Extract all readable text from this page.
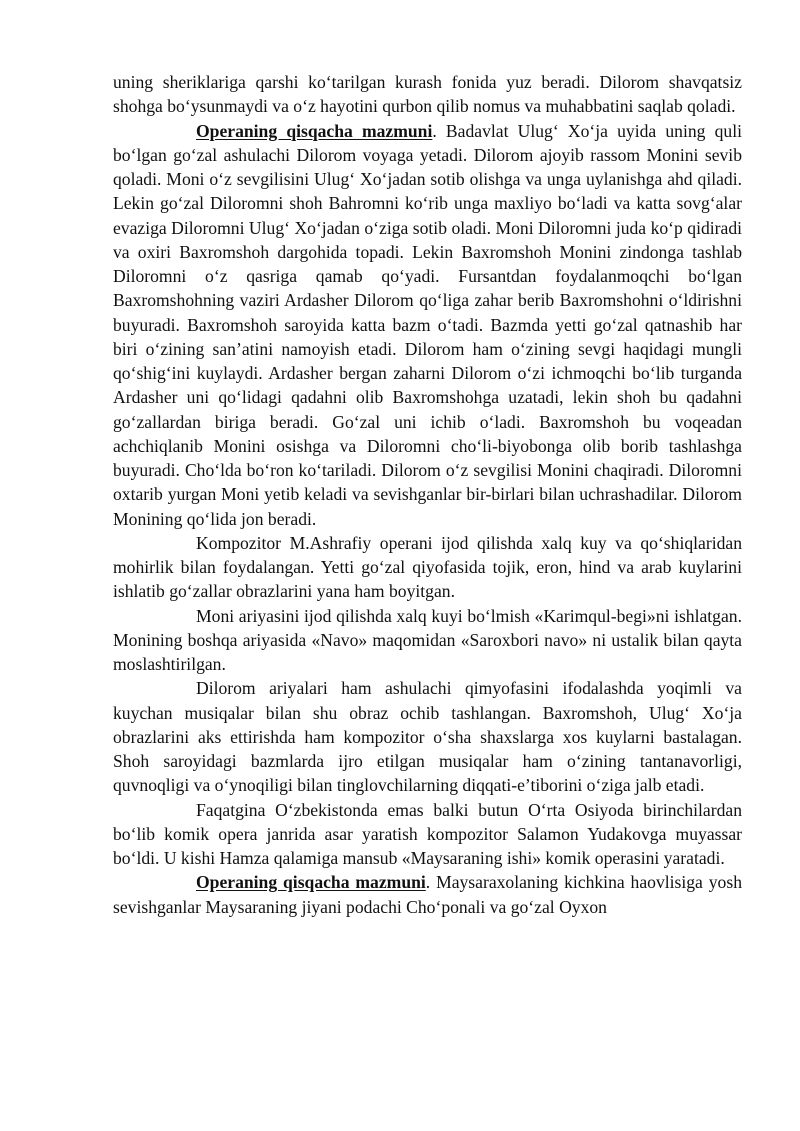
uning sheriklariga qarshi ko‘tarilgan kurash fonida yuz beradi. Dilorom shavqatsiz shohga bo‘ysunmaydi va o‘z hayotini qurbon qilib nomus va muhabbatini saqlab qoladi.

Operaning qisqacha mazmuni. Badavlat Ulug‘ Xo‘ja uyida uning quli bo‘lgan go‘zal ashulachi Dilorom voyaga yetadi. Dilorom ajoyib rassom Monini sevib qoladi. Moni o‘z sevgilisini Ulug‘ Xo‘jadan sotib olishga va unga uylanishga ahd qiladi. Lekin go‘zal Diloromni shoh Bahromni ko‘rib unga maxliyo bo‘ladi va katta sovg‘alar evaziga Diloromni Ulug‘ Xo‘jadan o‘ziga sotib oladi. Moni Diloromni juda ko‘p qidiradi va oxiri Baxromshoh dargohida topadi. Lekin Baxromshoh Monini zindonga tashlab Diloromni o‘z qasriga qamab qo‘yadi. Fursantdan foydalanmoqchi bo‘lgan Baxromshohning vaziri Ardasher Dilorom qo‘liga zahar berib Baxromshohni o‘ldirishni buyuradi. Baxromshoh saroyida katta bazm o‘tadi. Bazmda yetti go‘zal qatnashib har biri o‘zining san’atini namoyish etadi. Dilorom ham o‘zining sevgi haqidagi mungli qo‘shig‘ini kuylaydi. Ardasher bergan zaharni Dilorom o‘zi ichmoqchi bo‘lib turganda Ardasher uni qo‘lidagi qadahni olib Baxromshohga uzatadi, lekin shoh bu qadahni go‘zallardan biriga beradi. Go‘zal uni ichib o‘ladi. Baxromshoh bu voqeadan achchiqlanib Monini osishga va Diloromni cho‘li-biyobonga olib borib tashlashga buyuradi. Cho‘lda bo‘ron ko‘tariladi. Dilorom o‘z sevgilisi Monini chaqiradi. Diloromni oxtarib yurgan Moni yetib keladi va sevishganlar bir-birlari bilan uchrashadilar. Dilorom Monining qo‘lida jon beradi.

Kompozitor M.Ashrafiy operani ijod qilishda xalq kuy va qo‘shiqlaridan mohirlik bilan foydalangan. Yetti go‘zal qiyofasida tojik, eron, hind va arab kuylarini ishlatib go‘zallar obrazlarini yana ham boyitgan.

Moni ariyasini ijod qilishda xalq kuyi bo‘lmish «Karimqul-begi»ni ishlatgan. Monining boshqa ariyasida «Navo» maqomidan «Saroxbori navo» ni ustalik bilan qayta moslashtirilgan.

Dilorom ariyalari ham ashulachi qimyofasini ifodalashda yoqimli va kuychan musiqalar bilan shu obraz ochib tashlangan. Baxromshoh, Ulug‘ Xo‘ja obrazlarini aks ettirishda ham kompozitor o‘sha shaxslarga xos kuylarni bastalagan. Shoh saroyidagi bazmlarda ijro etilgan musiqalar ham o‘zining tantanavorligi, quvnoqligi va o‘ynoqiligi bilan tinglovchilarning diqqati-e’tiborini o‘ziga jalb etadi.

Faqatgina O‘zbekistonda emas balki butun O‘rta Osiyoda birinchilardan bo‘lib komik opera janrida asar yaratish kompozitor Salamon Yudakovga muyassar bo‘ldi. U kishi Hamza qalamiga mansub «Maysaraning ishi» komik operasini yaratadi.

Operaning qisqacha mazmuni. Maysaraxolaning kichkina haovlisiga yosh sevishganlar Maysaraning jiyani podachi Cho‘ponali va go‘zal Oyxon
